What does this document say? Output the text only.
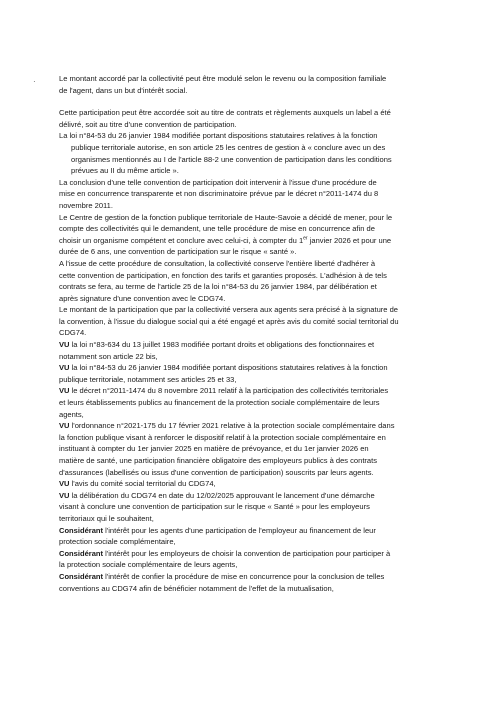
·	Le montant accordé par la collectivité peut être modulé selon le revenu ou la composition familiale

de l'agent, dans un but d'intérêt social.

Cette participation peut être accordée soit au titre de contrats et règlements auxquels un label a été

délivré, soit au titre d'une convention de participation.

La loi n°84-53 du 26 janvier 1984 modifiée portant dispositions statutaires relatives à la fonction

publique territoriale autorise, en son article 25 les centres de gestion à « conclure avec un des

organismes mentionnés au I de l'article 88-2 une convention de participation dans les conditions

prévues au II du même article ».

La conclusion d'une telle convention de participation doit intervenir à l'issue d'une procédure de

mise en concurrence transparente et non discriminatoire prévue par le décret n°2011-1474 du 8

novembre 2011.

Le Centre de gestion de la fonction publique territoriale de Haute-Savoie a décidé de mener, pour le

compte des collectivités qui le demandent, une telle procédure de mise en concurrence afin de

choisir un organisme compétent et conclure avec celui-ci, à compter du 1er janvier 2026 et pour une

durée de 6 ans, une convention de participation sur le risque « santé ».

A l'issue de cette procédure de consultation, la collectivité conserve l'entière liberté d'adhérer à

cette convention de participation, en fonction des tarifs et garanties proposés. L'adhésion à de tels

contrats se fera, au terme de l'article 25 de la loi n°84-53 du 26 janvier 1984, par délibération et

après signature d'une convention avec le CDG74.

Le montant de la participation que par la collectivité versera aux agents sera précisé à la signature de

la convention, à l'issue du dialogue social qui a été engagé et après avis du comité social territorial du

CDG74.

VU la loi n°83-634 du 13 juillet 1983 modifiée portant droits et obligations des fonctionnaires et

notamment son article 22 bis,

VU la loi n°84-53 du 26 janvier 1984 modifiée portant dispositions statutaires relatives à la fonction

publique territoriale, notamment ses articles 25 et 33,

VU le décret n°2011-1474 du 8 novembre 2011 relatif à la participation des collectivités territoriales

et leurs établissements publics au financement de la protection sociale complémentaire de leurs

agents,

VU l'ordonnance n°2021-175 du 17 février 2021 relative à la protection sociale complémentaire dans

la fonction publique visant à renforcer le dispositif relatif à la protection sociale complémentaire en

instituant à compter du 1er janvier 2025 en matière de prévoyance, et du 1er janvier 2026 en

matière de santé, une participation financière obligatoire des employeurs publics à des contrats

d'assurances (labellisés ou issus d'une convention de participation) souscrits par leurs agents.

VU l'avis du comité social territorial du CDG74,

VU la délibération du CDG74 en date du 12/02/2025 approuvant le lancement d'une démarche

visant à conclure une convention de participation sur le risque « Santé » pour les employeurs

territoriaux qui le souhaitent,

Considérant l'intérêt pour les agents d'une participation de l'employeur au financement de leur

protection sociale complémentaire,

Considérant l'intérêt pour les employeurs de choisir la convention de participation pour participer à

la protection sociale complémentaire de leurs agents,

Considérant l'intérêt de confier la procédure de mise en concurrence pour la conclusion de telles

conventions au CDG74 afin de bénéficier notamment de l'effet de la mutualisation,
